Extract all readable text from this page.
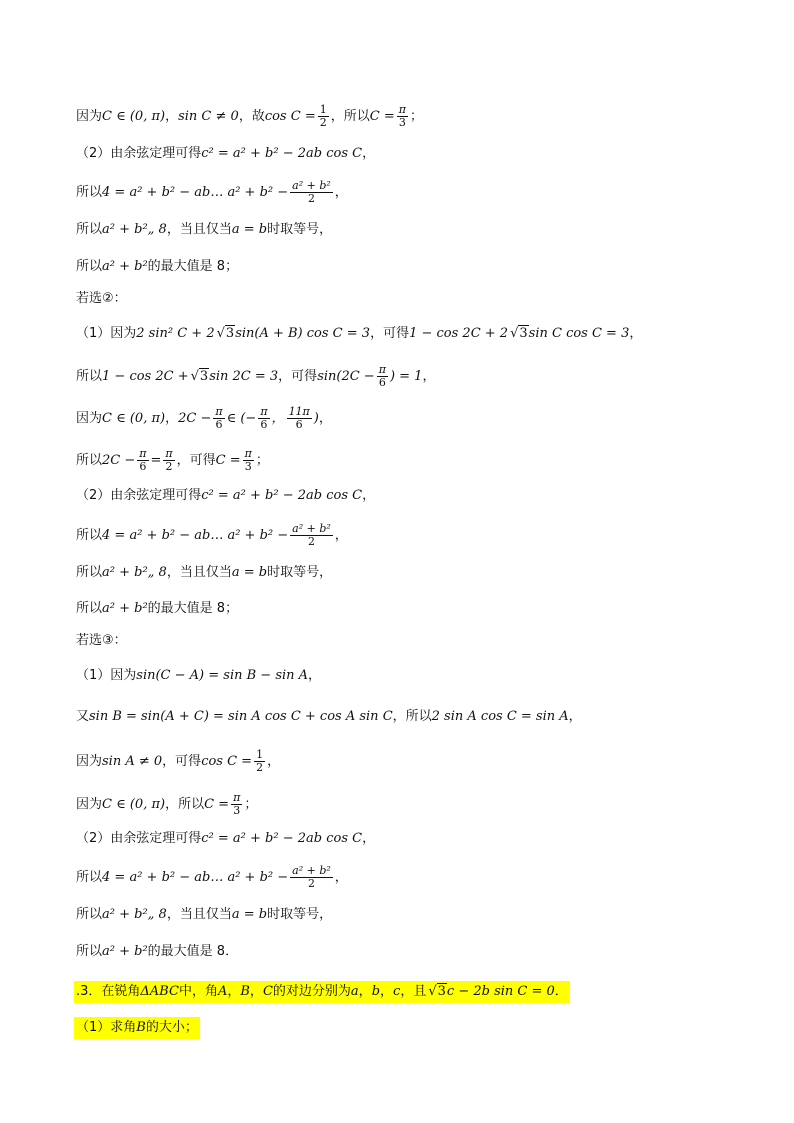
因为 C ∈ (0, π) ， sin C ≠ 0 ，故 $\cos C = \frac{1}{2}$ ，所以 $C = \frac{\pi}{3}$ ；
（2）由余弦定理可得 c² = a² + b² − 2ab cos C ，
所以 4 = a² + b² − ab… $a^2 + b^2 - \frac{\text{a² + b²}}{2}$ ，
所以 a² + b²„ 8 ，当且仅当 a = b 时取等号，
所以 a² + b² 的最大值是 8；
若选②：
（1）因为 2 sin² C + 2 √ 3 sin(A + B) cos C = 3 ，可得 1 − cos 2C + 2 √ 3 sin C cos C = 3 ，
所以 1 − cos 2C + √ 3 sin 2C = 3 ，可得 $\sin(2C - \frac{\pi}{6}$ ) = 1 ，
因为 C ∈ (0, π) ， $2C - \frac{\pi}{6}$ ∈ (− $\frac{\pi}{6}$ ， $\frac{11\pi}{6}$ ) ，
所以 $2C - \frac{\pi}{6} = \frac{\pi}{2}$ ，可得 $C = \frac{\pi}{3}$ ；
（2）由余弦定理可得 c² = a² + b² − 2ab cos C ，
所以 4 = a² + b² − ab… $a^2 + b^2 - \frac{\text{a² + b²}}{2}$ ，
所以 a² + b²„ 8 ，当且仅当 a = b 时取等号，
所以 a² + b² 的最大值是 8；
若选③：
（1）因为 sin(C − A) = sin B − sin A ，
又 sin B = sin(A + C) = sin A cos C + cos A sin C ，所以 2 sin A cos C = sin A ，
因为 sin A ≠ 0 ，可得 $\cos C = \frac{1}{2}$ ，
因为 C ∈ (0, π) ，所以 $C = \frac{\pi}{3}$ ；
（2）由余弦定理可得 c² = a² + b² − 2ab cos C ，
所以 4 = a² + b² − ab… $a^2 + b^2 - \frac{\text{a² + b²}}{2}$ ，
所以 a² + b²„ 8 ，当且仅当 a = b 时取等号，
所以 a² + b² 的最大值是 8．
.3．在锐角 ΔABC 中，角 A ， B ， C 的对边分别为 a ， b ， c ，且 √ 3 c − 2b sin C = 0 ．
（1）求角 B 的大小；
